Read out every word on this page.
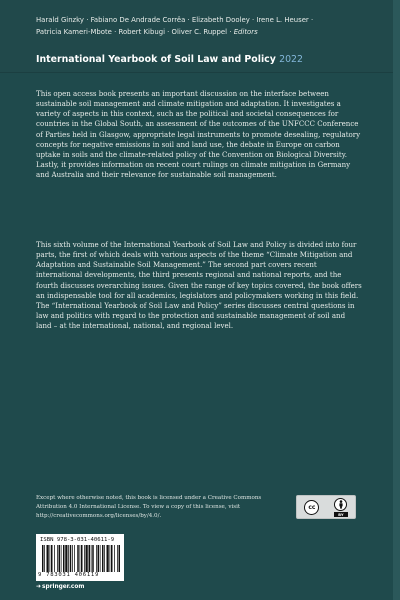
Harald Ginzky · Fabiano De Andrade Corrêa · Elizabeth Dooley · Irene L. Heuser ·
Patricia Kameri-Mbote · Robert Kibugi · Oliver C. Ruppel · Editors
International Yearbook of Soil Law and Policy 2022

This open access book presents an important discussion on the interface between sustainable soil management and climate mitigation and adaptation. It investigates a variety of aspects in this context, such as the political and societal consequences for countries in the Global South, an assessment of the outcomes of the UNFCCC Conference of Parties held in Glasgow, appropriate legal instruments to promote desealing, regulatory concepts for negative emissions in soil and land use, the debate in Europe on carbon uptake in soils and the climate-related policy of the Convention on Biological Diversity. Lastly, it provides information on recent court rulings on climate mitigation in Germany and Australia and their relevance for sustainable soil management.

This sixth volume of the International Yearbook of Soil Law and Policy is divided into four parts, the first of which deals with various aspects of the theme “Climate Mitigation and Adaptation and Sustainable Soil Management.” The second part covers recent international developments, the third presents regional and national reports, and the fourth discusses overarching issues. Given the range of key topics covered, the book offers an indispensable tool for all academics, legislators and policymakers working in this field. The “International Yearbook of Soil Law and Policy” series discusses central questions in law and politics with regard to the protection and sustainable management of soil and land – at the international, national, and regional level.

Except where otherwise noted, this book is licensed under a Creative Commons Attribution 4.0 International License. To view a copy of this license, visit http://creativecommons.org/licenses/by/4.0/.

cc
BY
ISBN 978-3-031-40611-9
9 783031 406119
➜ springer.com
